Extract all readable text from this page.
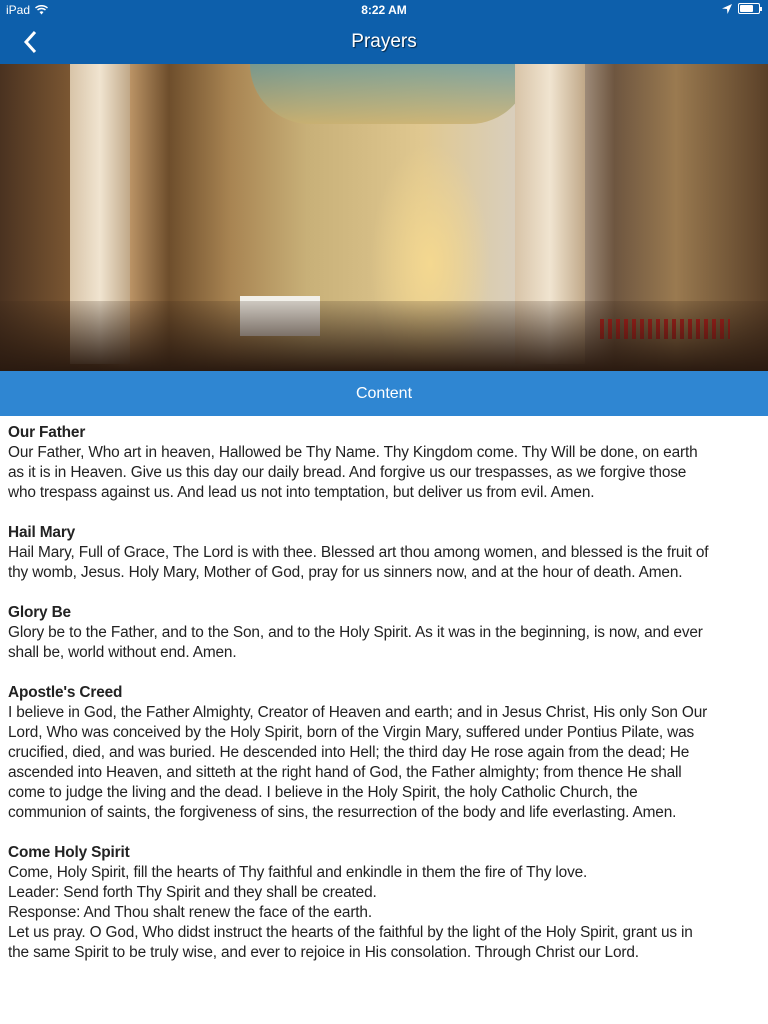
iPad	8:22 AM
Prayers
Content
Our Father

Our Father, Who art in heaven, Hallowed be Thy Name. Thy Kingdom come. Thy Will be done, on earth
as it is in Heaven. Give us this day our daily bread. And forgive us our trespasses, as we forgive those
who trespass against us. And lead us not into temptation, but deliver us from evil. Amen.

Hail Mary

Hail Mary, Full of Grace, The Lord is with thee. Blessed art thou among women, and blessed is the fruit of
thy womb, Jesus. Holy Mary, Mother of God, pray for us sinners now, and at the hour of death. Amen.

Glory Be

Glory be to the Father, and to the Son, and to the Holy Spirit. As it was in the beginning, is now, and ever
shall be, world without end. Amen.

Apostle's Creed

I believe in God, the Father Almighty, Creator of Heaven and earth; and in Jesus Christ, His only Son Our
Lord, Who was conceived by the Holy Spirit, born of the Virgin Mary, suffered under Pontius Pilate, was
crucified, died, and was buried. He descended into Hell; the third day He rose again from the dead; He
ascended into Heaven, and sitteth at the right hand of God, the Father almighty; from thence He shall
come to judge the living and the dead. I believe in the Holy Spirit, the holy Catholic Church, the
communion of saints, the forgiveness of sins, the resurrection of the body and life everlasting. Amen.

Come Holy Spirit

Come, Holy Spirit, fill the hearts of Thy faithful and enkindle in them the fire of Thy love.
Leader: Send forth Thy Spirit and they shall be created.
Response: And Thou shalt renew the face of the earth.
Let us pray. O God, Who didst instruct the hearts of the faithful by the light of the Holy Spirit, grant us in
the same Spirit to be truly wise, and ever to rejoice in His consolation. Through Christ our Lord.
